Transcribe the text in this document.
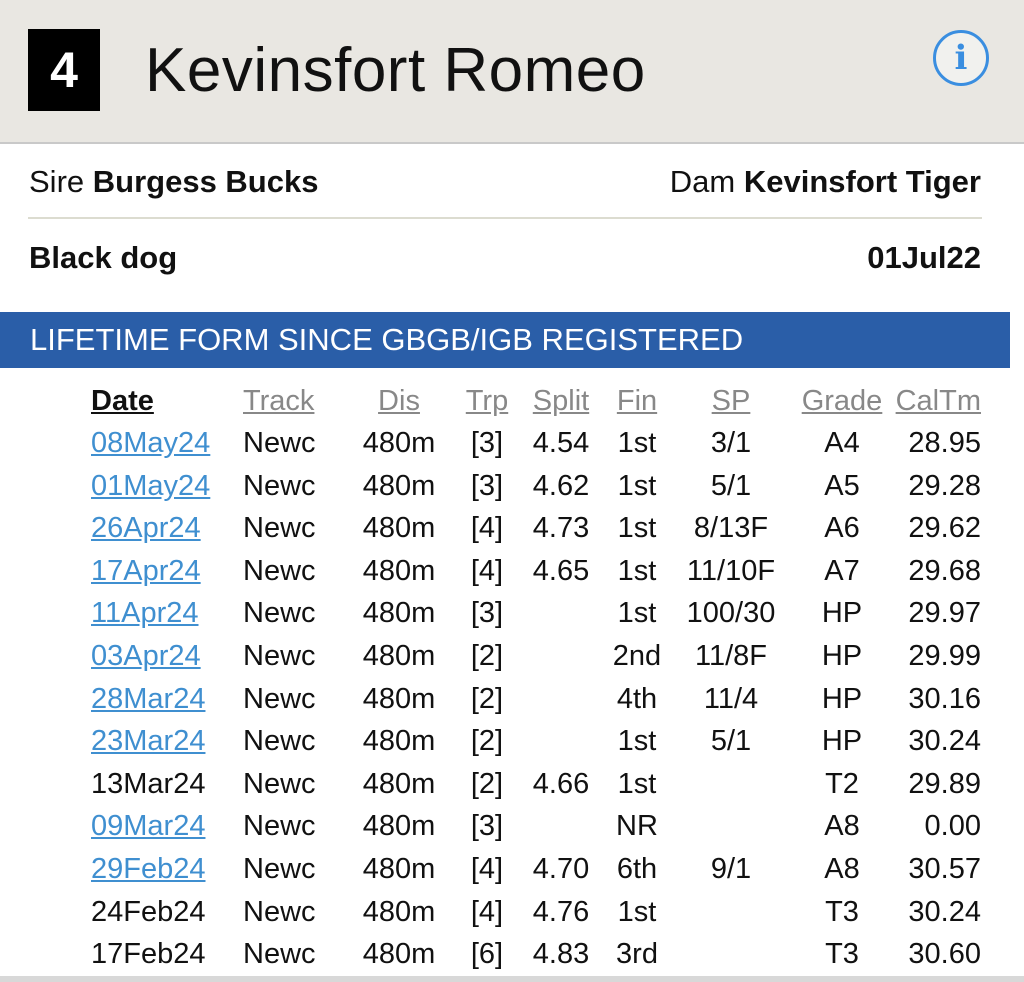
4	Kevinsfort Romeo	i
Sire Burgess Bucks	Dam Kevinsfort Tiger
Black dog	01Jul22
LIFETIME FORM SINCE GBGB/IGB REGISTERED
Date	Track Dis Trp Split Fin SP Grade CalTm
08May24 Newc 480m [3] 4.54 1st 3/1	A4 28.95
01May24 Newc 480m [3] 4.62 1st 5/1	A5 29.28
26Apr24 Newc 480m [4] 4.73 1st 8/13F A6 29.62
17Apr24 Newc 480m [4] 4.65 1st 11/10F A7 29.68
11Apr24 Newc 480m [3]	1st 100/30 HP 29.97
03Apr24 Newc 480m [2]	2nd 11/8F HP 29.99
28Mar24 Newc 480m [2]	4th 11/4 HP 30.16
23Mar24 Newc 480m [2]	1st 5/1 HP 30.24
13Mar24 Newc 480m [2] 4.66 1st	T2 29.89
09Mar24 Newc 480m [3]	NR	A8 0.00
29Feb24 Newc 480m [4] 4.70 6th 9/1	A8 30.57
24Feb24 Newc 480m [4] 4.76 1st	T3 30.24
17Feb24 Newc 480m [6] 4.83 3rd	T3 30.60
